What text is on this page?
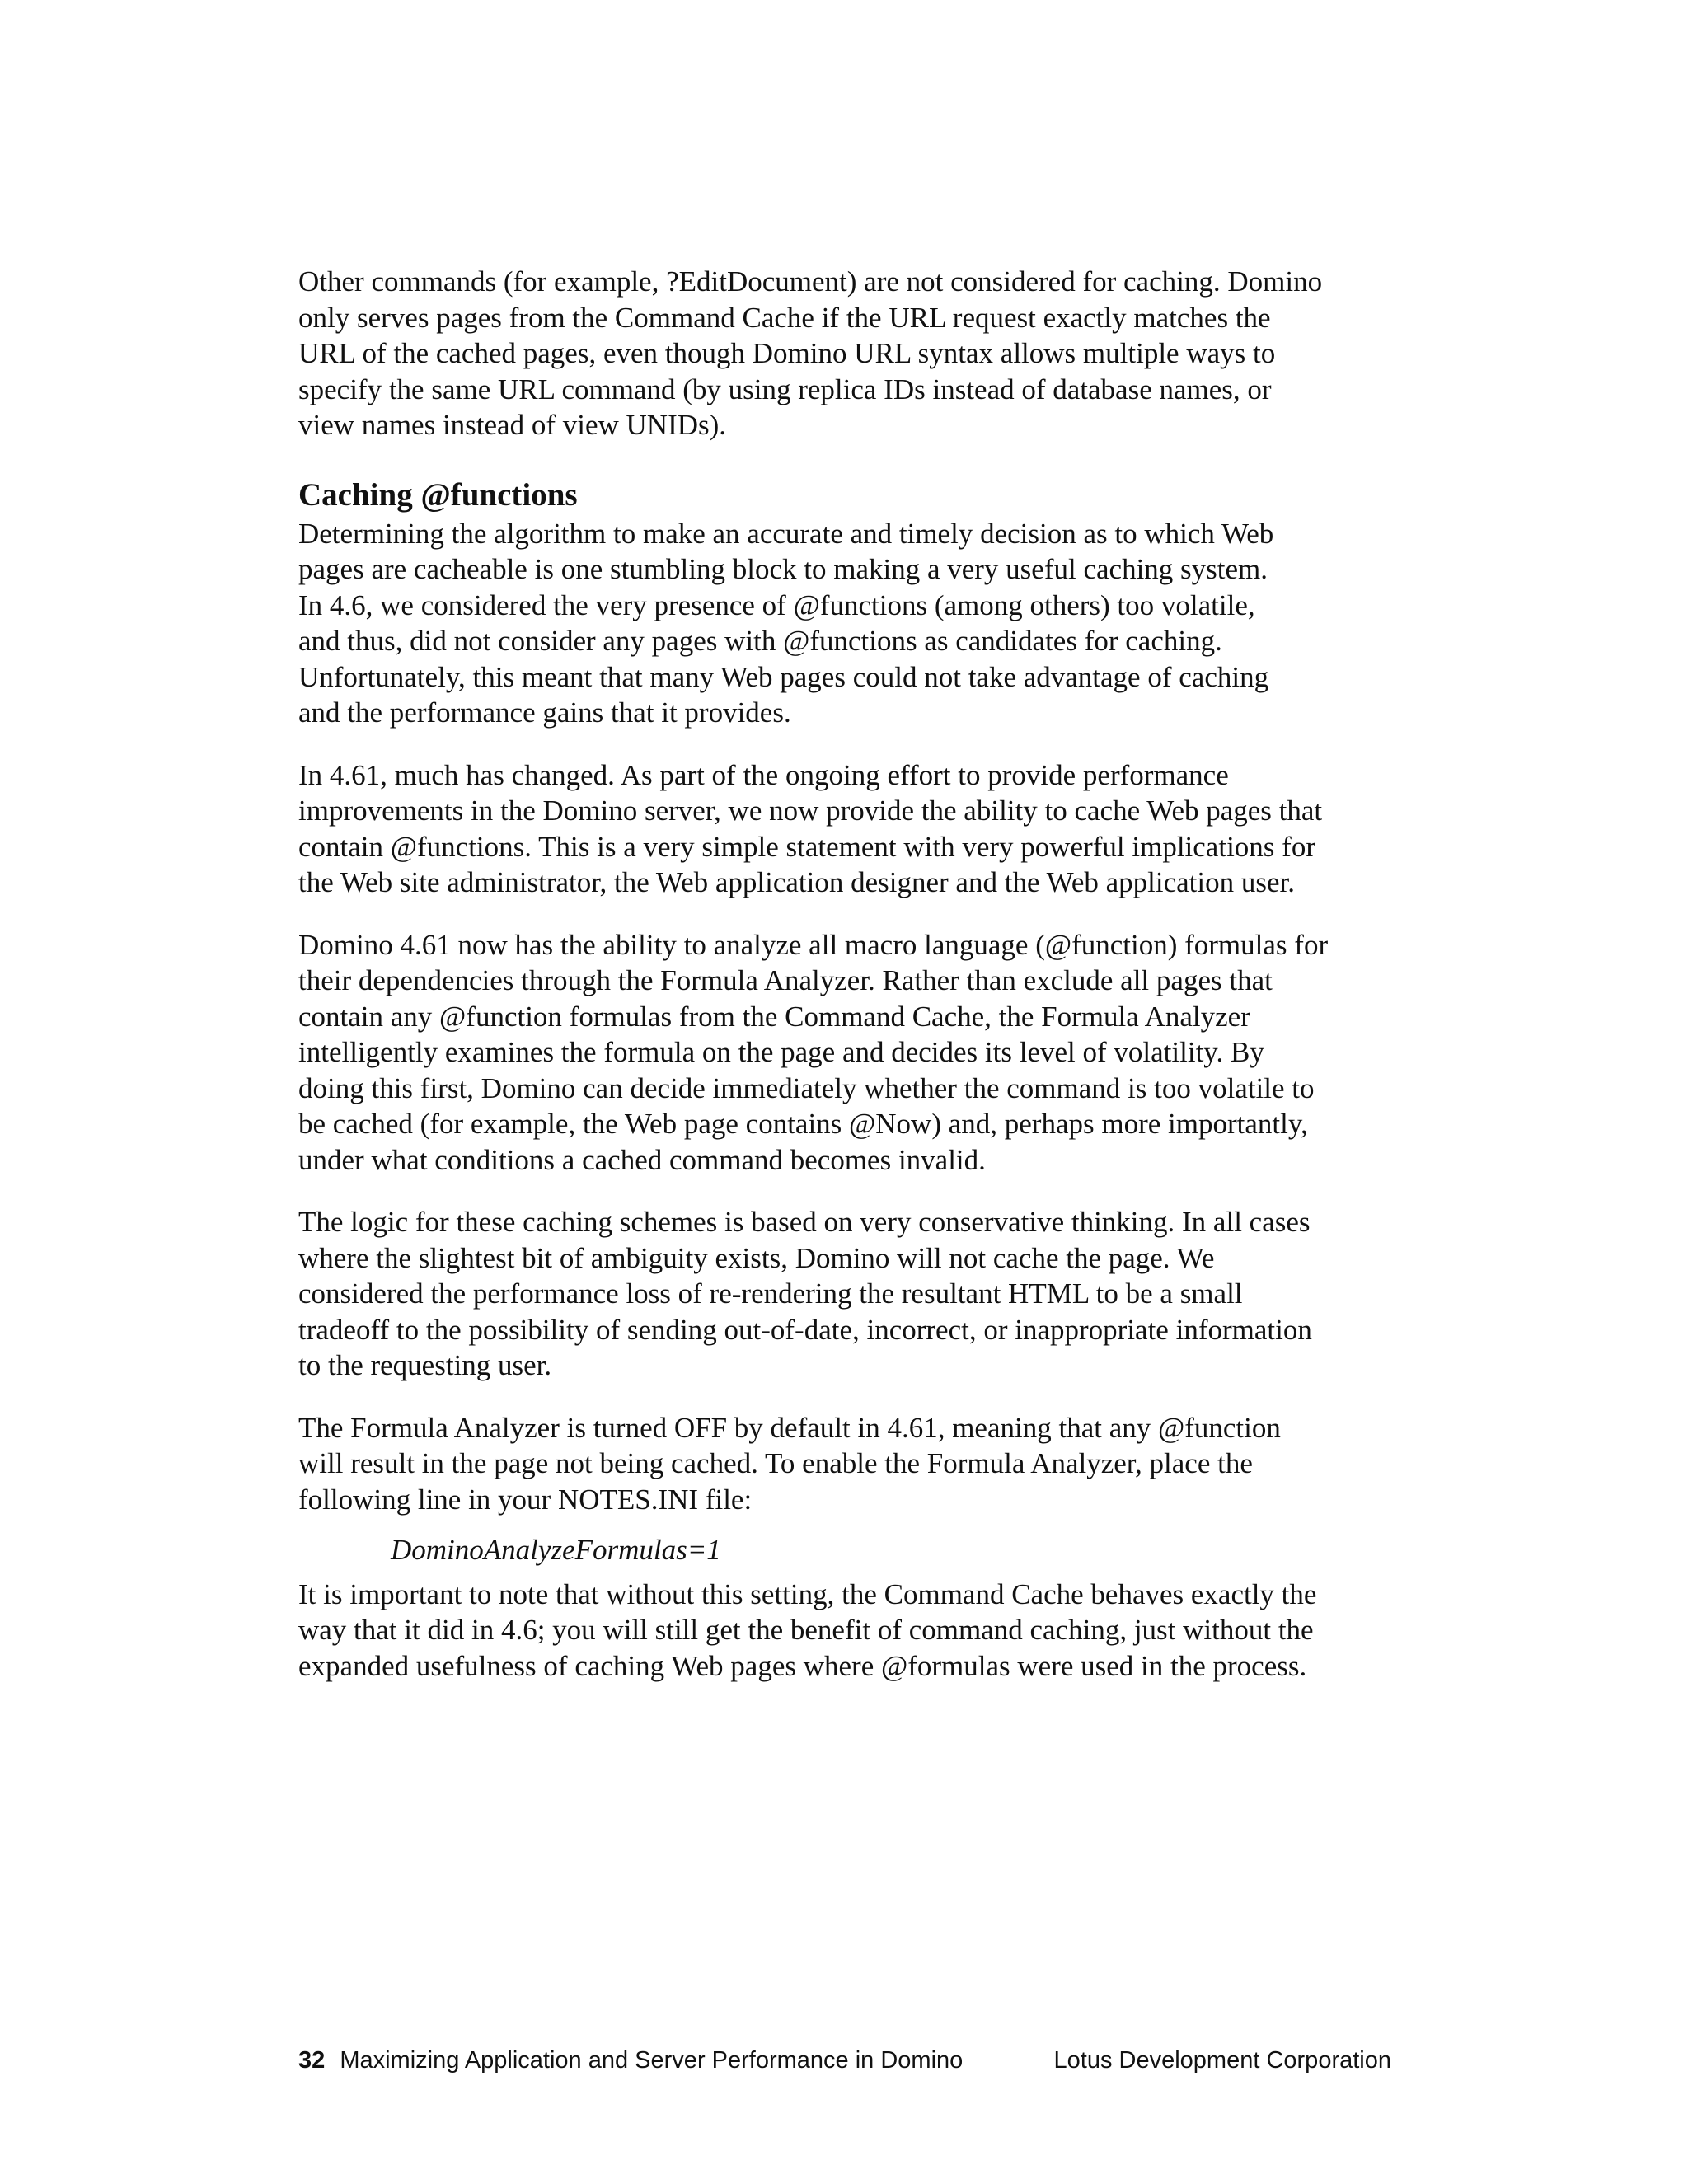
Other commands (for example, ?EditDocument) are not considered for caching. Domino
only serves pages from the Command Cache if the URL request exactly matches the
URL of the cached pages, even though Domino URL syntax allows multiple ways to
specify the same URL command (by using replica IDs instead of database names, or
view names instead of view UNIDs).

Caching @functions

Determining the algorithm to make an accurate and timely decision as to which Web
pages are cacheable is one stumbling block to making a very useful caching system.
In 4.6, we considered the very presence of @functions (among others) too volatile,
and thus, did not consider any pages with @functions as candidates for caching.
Unfortunately, this meant that many Web pages could not take advantage of caching
and the performance gains that it provides.

In 4.61, much has changed. As part of the ongoing effort to provide performance
improvements in the Domino server, we now provide the ability to cache Web pages that
contain @functions. This is a very simple statement with very powerful implications for
the Web site administrator, the Web application designer and the Web application user.

Domino 4.61 now has the ability to analyze all macro language (@function) formulas for
their dependencies through the Formula Analyzer. Rather than exclude all pages that
contain any @function formulas from the Command Cache, the Formula Analyzer
intelligently examines the formula on the page and decides its level of volatility. By
doing this first, Domino can decide immediately whether the command is too volatile to
be cached (for example, the Web page contains @Now) and, perhaps more importantly,
under what conditions a cached command becomes invalid.

The logic for these caching schemes is based on very conservative thinking. In all cases
where the slightest bit of ambiguity exists, Domino will not cache the page. We
considered the performance loss of re-rendering the resultant HTML to be a small
tradeoff to the possibility of sending out-of-date, incorrect, or inappropriate information
to the requesting user.

The Formula Analyzer is turned OFF by default in 4.61, meaning that any @function
will result in the page not being cached. To enable the Formula Analyzer, place the
following line in your NOTES.INI file:

DominoAnalyzeFormulas=1

It is important to note that without this setting, the Command Cache behaves exactly the
way that it did in 4.6; you will still get the benefit of command caching, just without the
expanded usefulness of caching Web pages where @formulas were used in the process.

32 Maximizing Application and Server Performance in Domino	Lotus Development Corporation
